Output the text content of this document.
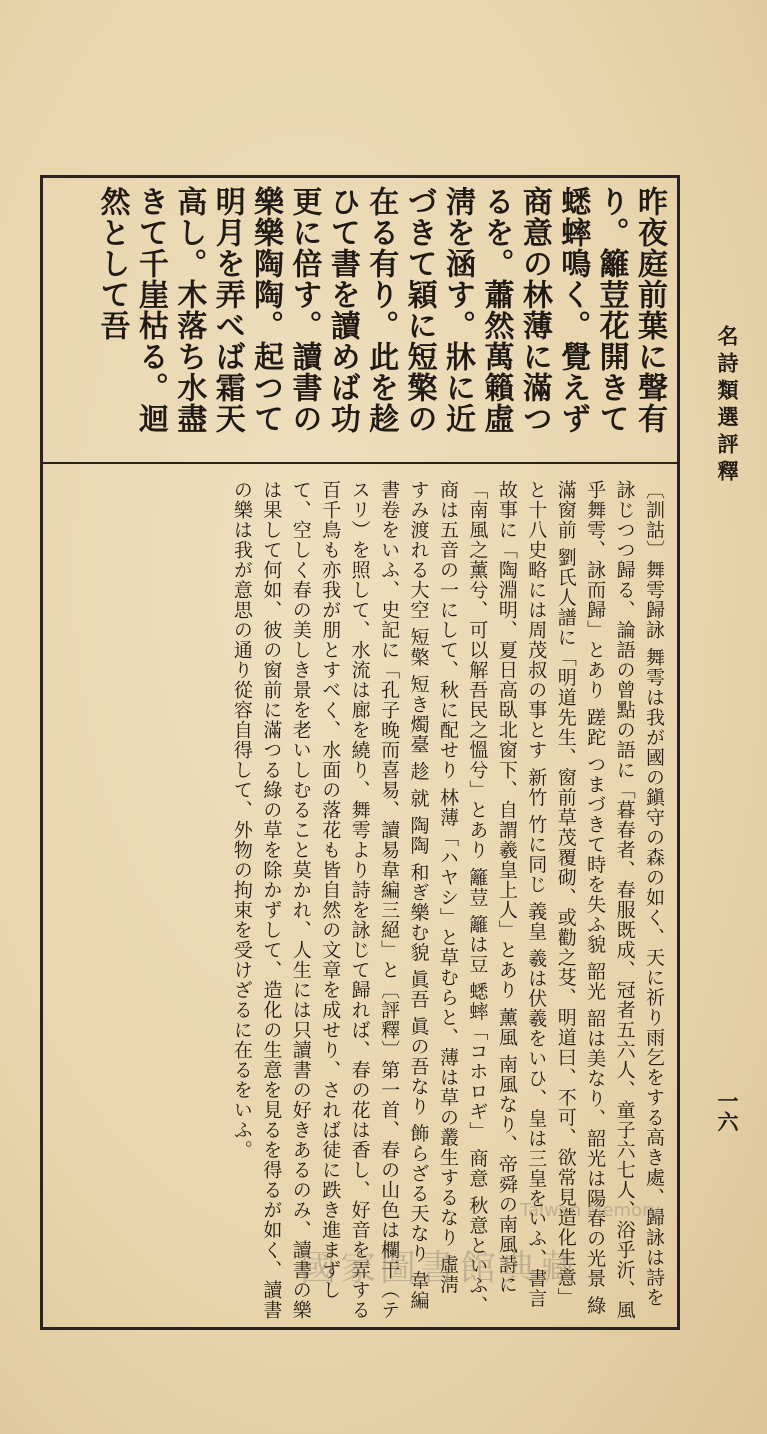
昨夜庭前葉に聲有り。籬荳花開きて蟋蟀鳴く。覺えず商意の林薄に滿つるを。蕭然萬籟虛淸を涵す。牀に近づきて穎に短檠の在る有り。此を趁ひて書を讀めば功更に倍す。讀書の樂樂陶陶。起つて明月を弄べば霜天高し。木落ち水盡きて千崖枯る。迴然として吾

〔訓詁〕舞雩歸詠 舞雩は我が國の鎭守の森の如く、天に祈り雨乞をする高き處、歸詠は詩を詠じつつ歸る、論語の曾點の語に「暮春者、春服既成、冠者五六人、童子六七人、浴乎沂、風乎舞雩、詠而歸」とあり 蹉跎 つまづきて時を失ふ貌 韶光 韶は美なり、韶光は陽春の光景 綠滿窗前 劉氏人譜に「明道先生、窗前草茂覆砌、或勸之芟、明道曰、不可、欲常見造化生意」と十八史略には周茂叔の事とす 新竹 竹に同じ 義皇 羲は伏羲をいひ、皇は三皇をいふ、書言故事に「陶淵明、夏日高臥北窗下、自謂羲皇上人」とあり 薰風 南風なり、帝舜の南風詩に「南風之薰兮、可以解吾民之慍兮」とあり 籬荳 籬は豆 蟋蟀「コホロギ」 商意 秋意といふ、商は五音の一にして、秋に配せり 林薄「ハヤシ」と草むらと、薄は草の叢生するなり 虛淸 すみ渡れる大空 短檠 短き燭臺 趁 就 陶陶 和ぎ樂む貌 眞吾 眞の吾なり 飾らざる天なり 韋編 書卷をいふ、史記に「孔子晚而喜易、讀易韋編三絕」と〔評釋〕第一首、春の山色は欄干（テスリ）を照して、水流は廊を繞り、舞雩より詩を詠じて歸れば、春の花は香し、好音を弄する百千鳥も亦我が朋とすべく、水面の落花も皆自然の文章を成せり、されば徒に跌き進まずして、空しく春の美しき景を老いしむること莫かれ、人生には只讀書の好きあるのみ、讀書の樂は果して何如、彼の窗前に滿つる綠の草を除かずして、造化の生意を見るを得るが如く、讀書の樂は我が意思の通り從容自得して、外物の拘束を受けざるに在るをいふ。

名詩類選評釋

一六

Taiwan Memory

國家圖書館典藏
